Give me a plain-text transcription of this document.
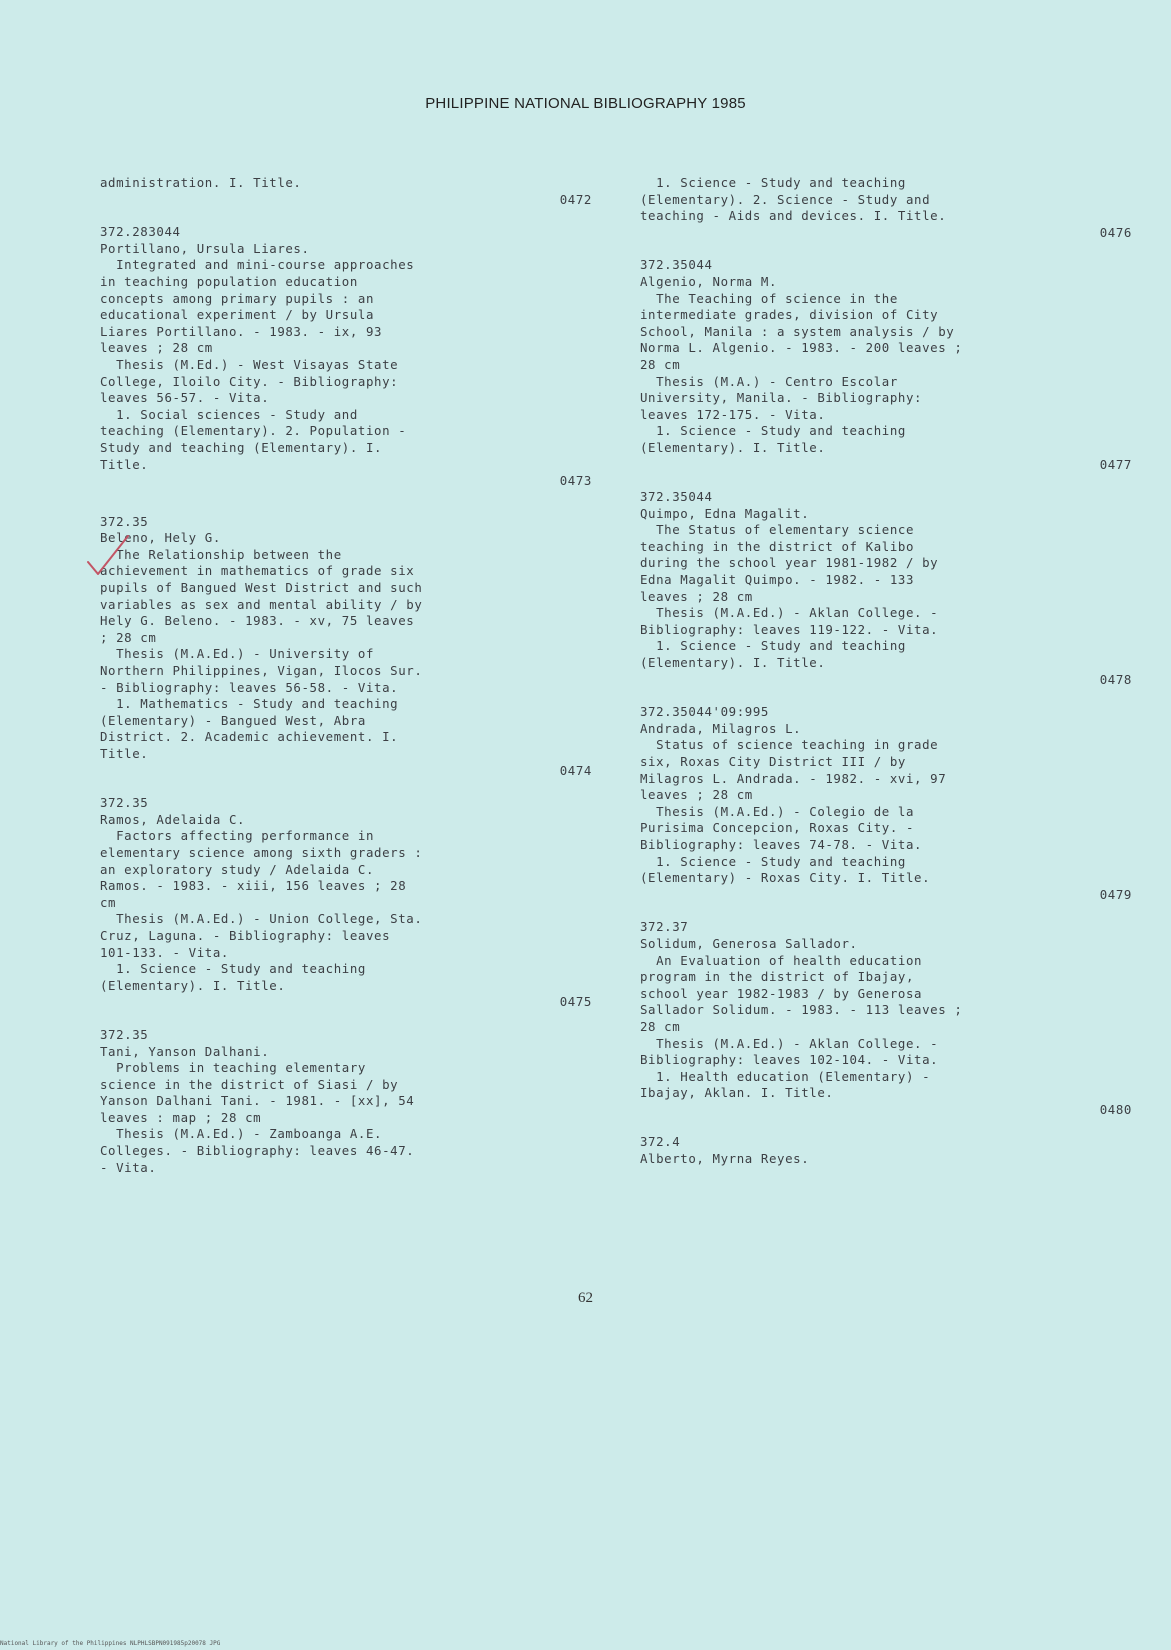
PHILIPPINE NATIONAL BIBLIOGRAPHY 1985
administration. I. Title.
0472
372.283044
Portillano, Ursula Liares.
Integrated and mini-course approaches
in teaching population education
concepts among primary pupils : an
educational experiment / by Ursula
Liares Portillano. - 1983. - ix, 93
leaves ; 28 cm
Thesis (M.Ed.) - West Visayas State
College, Iloilo City. - Bibliography:
leaves 56-57. - Vita.
1. Social sciences - Study and
teaching (Elementary). 2. Population -
Study and teaching (Elementary). I.
Title.
0473
372.35
Beleno, Hely G.
The Relationship between the
achievement in mathematics of grade six
pupils of Bangued West District and such
variables as sex and mental ability / by
Hely G. Beleno. - 1983. - xv, 75 leaves
; 28 cm
Thesis (M.A.Ed.) - University of
Northern Philippines, Vigan, Ilocos Sur.
- Bibliography: leaves 56-58. - Vita.
1. Mathematics - Study and teaching
(Elementary) - Bangued West, Abra
District. 2. Academic achievement. I.
Title.
0474
372.35
Ramos, Adelaida C.
Factors affecting performance in
elementary science among sixth graders :
an exploratory study / Adelaida C.
Ramos. - 1983. - xiii, 156 leaves ; 28
cm
Thesis (M.A.Ed.) - Union College, Sta.
Cruz, Laguna. - Bibliography: leaves
101-133. - Vita.
1. Science - Study and teaching
(Elementary). I. Title.
0475
372.35
Tani, Yanson Dalhani.
Problems in teaching elementary
science in the district of Siasi / by
Yanson Dalhani Tani. - 1981. - [xx], 54
leaves : map ; 28 cm
Thesis (M.A.Ed.) - Zamboanga A.E.
Colleges. - Bibliography: leaves 46-47.
- Vita.
1. Science - Study and teaching
(Elementary). 2. Science - Study and
teaching - Aids and devices. I. Title.
0476
372.35044
Algenio, Norma M.
The Teaching of science in the
intermediate grades, division of City
School, Manila : a system analysis / by
Norma L. Algenio. - 1983. - 200 leaves ;
28 cm
Thesis (M.A.) - Centro Escolar
University, Manila. - Bibliography:
leaves 172-175. - Vita.
1. Science - Study and teaching
(Elementary). I. Title.
0477
372.35044
Quimpo, Edna Magalit.
The Status of elementary science
teaching in the district of Kalibo
during the school year 1981-1982 / by
Edna Magalit Quimpo. - 1982. - 133
leaves ; 28 cm
Thesis (M.A.Ed.) - Aklan College. -
Bibliography: leaves 119-122. - Vita.
1. Science - Study and teaching
(Elementary). I. Title.
0478
372.35044'09:995
Andrada, Milagros L.
Status of science teaching in grade
six, Roxas City District III / by
Milagros L. Andrada. - 1982. - xvi, 97
leaves ; 28 cm
Thesis (M.A.Ed.) - Colegio de la
Purisima Concepcion, Roxas City. -
Bibliography: leaves 74-78. - Vita.
1. Science - Study and teaching
(Elementary) - Roxas City. I. Title.
0479
372.37
Solidum, Generosa Sallador.
An Evaluation of health education
program in the district of Ibajay,
school year 1982-1983 / by Generosa
Sallador Solidum. - 1983. - 113 leaves ;
28 cm
Thesis (M.A.Ed.) - Aklan College. -
Bibliography: leaves 102-104. - Vita.
1. Health education (Elementary) -
Ibajay, Aklan. I. Title.
0480
372.4
Alberto, Myrna Reyes.
62
National Library of the Philippines NLPHLSBPN091985p20078 JPG
